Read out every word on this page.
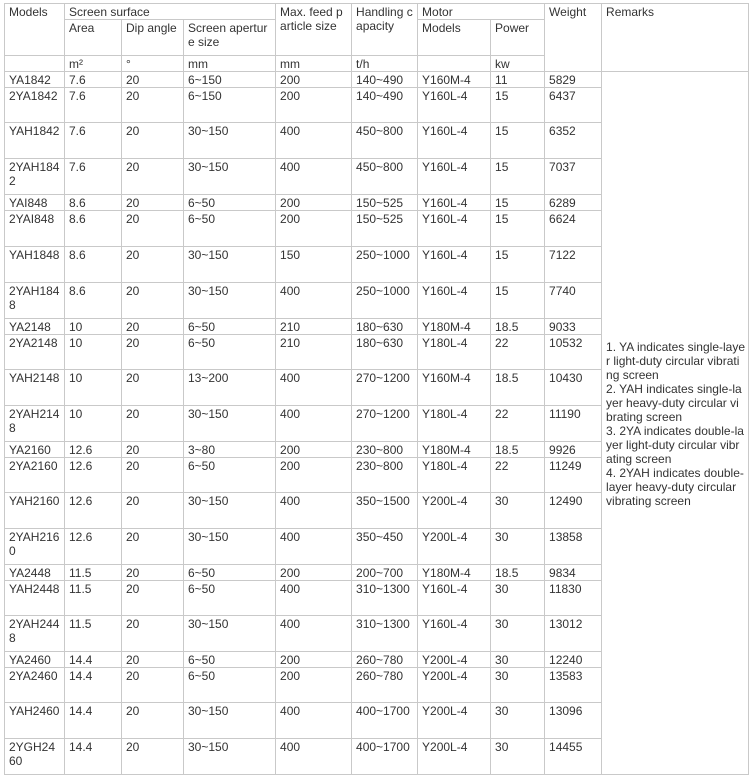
Models	Screen surface			Max. feed particle size	Handling capacity	Motor		Weight	Remarks
	Area	Dip angle	Screen aperture size			Models	Power		
	m²	°	mm	mm	t/h		kw		
YA1842	7.6	20	6~150	200	140~490	Y160M-4	11	5829	1. YA indicates single-layer light-duty circular vibrating screen
2. YAH indicates single-layer heavy-duty circular vibrating screen
3. 2YA indicates double-layer light-duty circular vibrating screen
4. 2YAH indicates double-layer heavy-duty circular vibrating screen

2YA1842	7.6	20	6~150	200	140~490	Y160L-4	15	6437	
YAH1842	7.6	20	30~150	400	450~800	Y160L-4	15	6352	
2YAH1842	7.6	20	30~150	400	450~800	Y160L-4	15	7037	
YAI848	8.6	20	6~50	200	150~525	Y160L-4	15	6289	
2YAI848	8.6	20	6~50	200	150~525	Y160L-4	15	6624	
YAH1848	8.6	20	30~150	150	250~1000	Y160L-4	15	7122	
2YAH1848	8.6	20	30~150	400	250~1000	Y160L-4	15	7740	
YA2148	10	20	6~50	210	180~630	Y180M-4	18.5	9033	
2YA2148	10	20	6~50	210	180~630	Y180L-4	22	10532	
YAH2148	10	20	13~200	400	270~1200	Y160M-4	18.5	10430	
2YAH2148	10	20	30~150	400	270~1200	Y180L-4	22	11190	
YA2160	12.6	20	3~80	200	230~800	Y180M-4	18.5	9926	
2YA2160	12.6	20	6~50	200	230~800	Y180L-4	22	11249	
YAH2160	12.6	20	30~150	400	350~1500	Y200L-4	30	12490	
2YAH2160	12.6	20	30~150	400	350~450	Y200L-4	30	13858	
YA2448	11.5	20	6~50	200	200~700	Y180M-4	18.5	9834	
YAH2448	11.5	20	6~50	400	310~1300	Y160L-4	30	11830	
2YAH2448	11.5	20	30~150	400	310~1300	Y160L-4	30	13012	
YA2460	14.4	20	6~50	200	260~780	Y200L-4	30	12240	
2YA2460	14.4	20	6~50	200	260~780	Y200L-4	30	13583	
YAH2460	14.4	20	30~150	400	400~1700	Y200L-4	30	13096	
2YGH2460	14.4	20	30~150	400	400~1700	Y200L-4	30	14455	
